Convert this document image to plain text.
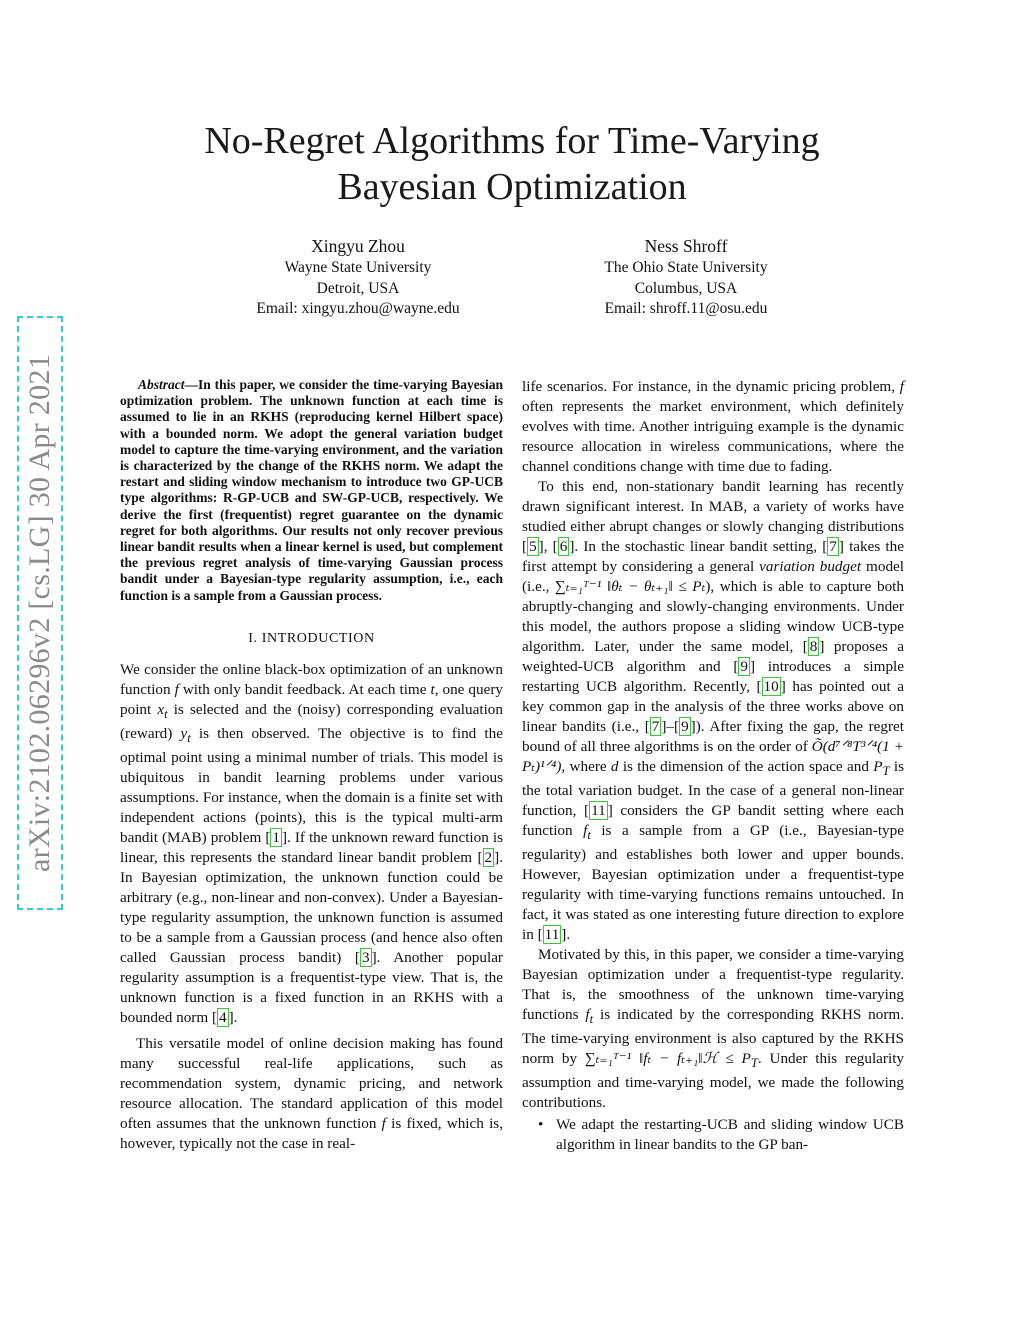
No-Regret Algorithms for Time-Varying
Bayesian Optimization
Xingyu Zhou
Wayne State University
Detroit, USA
Email: xingyu.zhou@wayne.edu
Ness Shroff
The Ohio State University
Columbus, USA
Email: shroff.11@osu.edu
arXiv:2102.06296v2 [cs.LG] 30 Apr 2021	Abstract—In this paper, we consider the time-varying Bayesian optimization problem. The unknown function at each time is assumed to lie in an RKHS (reproducing kernel Hilbert space) with a bounded norm. We adopt the general variation budget model to capture the time-varying environment, and the variation is characterized by the change of the RKHS norm. We adapt the restart and sliding window mechanism to introduce two GP-UCB type algorithms: R-GP-UCB and SW-GP-UCB, respectively. We derive the first (frequentist) regret guarantee on the dynamic regret for both algorithms. Our results not only recover previous linear bandit results when a linear kernel is used, but complement the previous regret analysis of time-varying Gaussian process bandit under a Bayesian-type regularity assumption, i.e., each function is a sample from a Gaussian process.

I. INTRODUCTION

We consider the online black-box optimization of an unknown function f with only bandit feedback. At each time t, one query point $x_t$ is selected and the (noisy) corresponding evaluation (reward) $y_t$ is then observed. The objective is to find the optimal point using a minimal number of trials. This model is ubiquitous in bandit learning problems under various assumptions. For instance, when the domain is a finite set with independent actions (points), this is the typical multi-arm bandit (MAB) problem [ 1 ]. If the unknown reward function is linear, this represents the standard linear bandit problem [ 2 ]. In Bayesian optimization, the unknown function could be arbitrary (e.g., non-linear and non-convex). Under a Bayesian-type regularity assumption, the unknown function is assumed to be a sample from a Gaussian process (and hence also often called Gaussian process bandit) [ 3 ]. Another popular regularity assumption is a frequentist-type view. That is, the unknown function is a fixed function in an RKHS with a bounded norm [ 4 ].

This versatile model of online decision making has found many successful real-life applications, such as recommendation system, dynamic pricing, and network resource allocation. The standard application of this model often assumes that the unknown function f is fixed, which is, however, typically not the case in real-

life scenarios. For instance, in the dynamic pricing problem, f often represents the market environment, which definitely evolves with time. Another intriguing example is the dynamic resource allocation in wireless communications, where the channel conditions change with time due to fading.

To this end, non-stationary bandit learning has recently drawn significant interest. In MAB, a variety of works have studied either abrupt changes or slowly changing distributions [ 5 ], [ 6 ]. In the stochastic linear bandit setting, [ 7 ] takes the first attempt by considering a general variation budget model (i.e., ∑ₜ₌₁ᵀ⁻¹ ‖θₜ − θₜ₊₁‖ ≤ Pₜ), which is able to capture both abruptly-changing and slowly-changing environments. Under this model, the authors propose a sliding window UCB-type algorithm. Later, under the same model, [ 8 ] proposes a weighted-UCB algorithm and [ 9 ] introduces a simple restarting UCB algorithm. Recently, [ 10 ] has pointed out a key common gap in the analysis of the three works above on linear bandits (i.e., [ 7 ]–[ 9 ]). After fixing the gap, the regret bound of all three algorithms is on the order of Õ(d⁷ᐟ⁸T³ᐟ⁴(1 + Pₜ)¹ᐟ⁴), where d is the dimension of the action space and $P_T$ is the total variation budget. In the case of a general non-linear function, [ 11 ] considers the GP bandit setting where each function $f_t$ is a sample from a GP (i.e., Bayesian-type regularity) and establishes both lower and upper bounds. However, Bayesian optimization under a frequentist-type regularity with time-varying functions remains untouched. In fact, it was stated as one interesting future direction to explore in [ 11 ].

Motivated by this, in this paper, we consider a time-varying Bayesian optimization under a frequentist-type regularity. That is, the smoothness of the unknown time-varying functions $f_t$ is indicated by the corresponding RKHS norm. The time-varying environment is also captured by the RKHS norm by ∑ₜ₌₁ᵀ⁻¹ ‖fₜ − fₜ₊₁‖ℋ ≤ $P_T$. Under this regularity assumption and time-varying model, we made the following contributions.

• We adapt the restarting-UCB and sliding window UCB algorithm in linear bandits to the GP ban-
